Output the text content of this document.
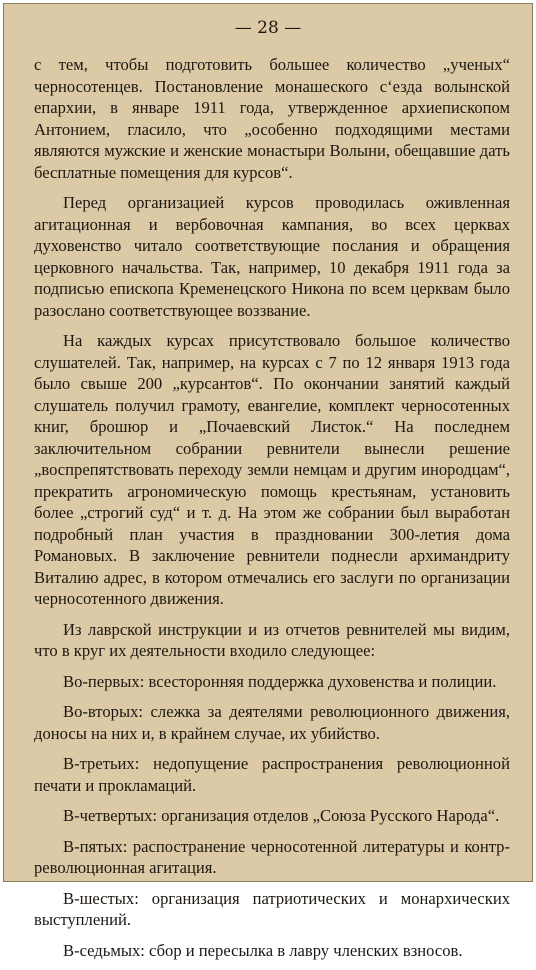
— 28 —

с тем, чтобы подготовить большее количество „ученых“ черносотенцев. Постановление монашеского с‘езда волынской епархии, в январе 1911 года, утвержденное архиепископом Антонием, гласило, что „особенно подходящими местами являются мужские и женские монастыри Волыни, обещавшие дать бесплатные помещения для курсов“.

Перед организацией курсов проводилась оживленная агитационная и вербовочная кампания, во всех церквах духовенство читало соответствующие послания и обращения церковного начальства. Так, например, 10 декабря 1911 года за подписью епископа Кременецского Никона по всем церквам было разослано соответствующее воззвание.

На каждых курсах присутствовало большое количество слушателей. Так, например, на курсах с 7 по 12 января 1913 года было свыше 200 „курсантов“. По окончании занятий каждый слушатель получил грамоту, евангелие, комплект черносотенных книг, брошюр и „Почаевский Листок.“ На последнем заключительном собрании ревнители вынесли решение „воспрепятствовать переходу земли немцам и другим инородцам“, прекратить агрономическую помощь крестьянам, установить более „строгий суд“ и т. д. На этом же собрании был выработан подробный план участия в праздновании 300-летия дома Романовых. В заключение ревнители поднесли архимандриту Виталию адрес, в котором отмечались его заслуги по организации черносотенного движения.

Из лаврской инструкции и из отчетов ревнителей мы видим, что в круг их деятельности входило следующее:

Во-первых: всесторонняя поддержка духовенства и полиции.

Во-вторых: слежка за деятелями революционного движения, доносы на них и, в крайнем случае, их убийство.

В-третьих: недопущение распространения революционной печати и прокламаций.

В-четвертых: организация отделов „Союза Русского Народа“.

В-пятых: распостранение черносотенной литературы и контр-революционная агитация.

В-шестых: организация патриотических и монархических выступлений.

В-седьмых: сбор и пересылка в лавру членских взносов.
